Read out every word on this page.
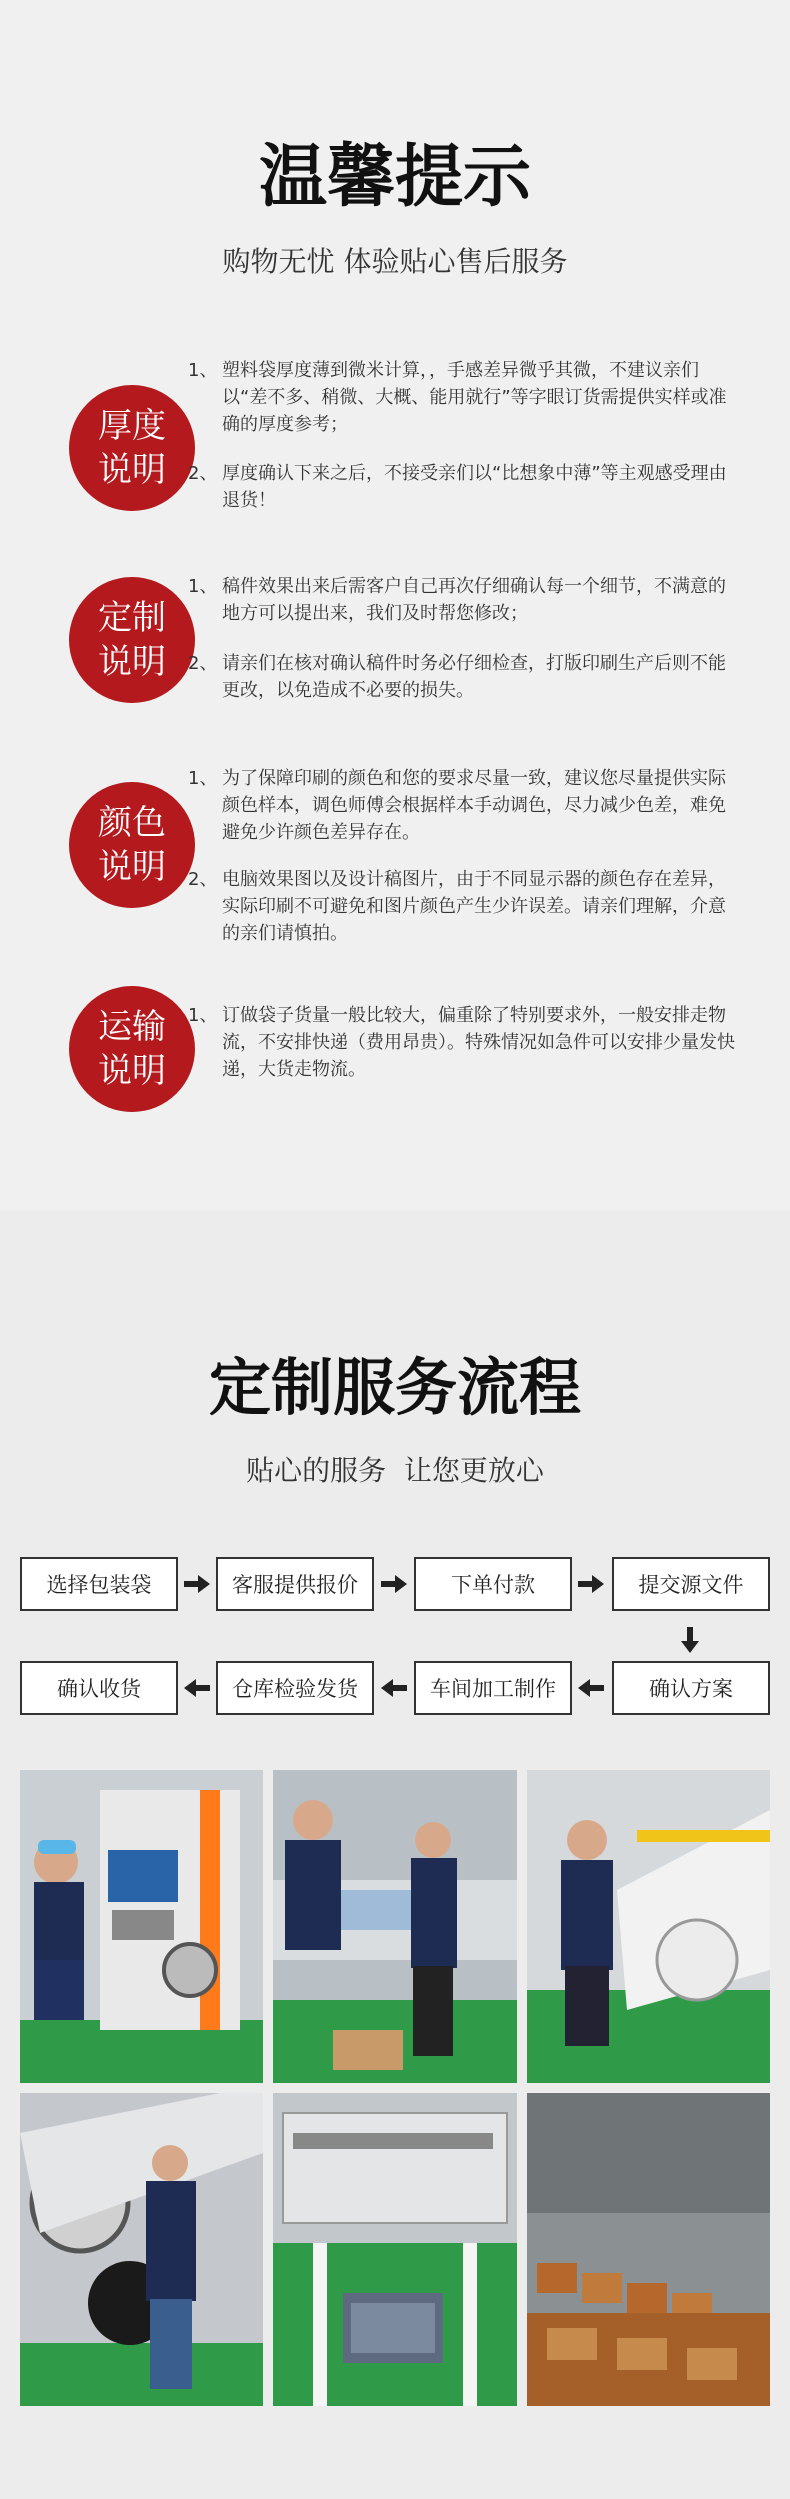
温馨提示
购物无忧 体验贴心售后服务
厚度
说明
1、 塑料袋厚度薄到微米计算，，手感差异微乎其微，不建议亲们以“差不多、稍微、大概、能用就行”等字眼订货需提供实样或准确的厚度参考；
2、 厚度确认下来之后，不接受亲们以“比想象中薄”等主观感受理由退货！
定制
说明
1、 稿件效果出来后需客户自己再次仔细确认每一个细节，不满意的地方可以提出来，我们及时帮您修改；
2、 请亲们在核对确认稿件时务必仔细检查，打版印刷生产后则不能更改，以免造成不必要的损失。
颜色
说明
1、 为了保障印刷的颜色和您的要求尽量一致，建议您尽量提供实际颜色样本，调色师傅会根据样本手动调色，尽力减少色差，难免避免少许颜色差异存在。
2、 电脑效果图以及设计稿图片，由于不同显示器的颜色存在差异，实际印刷不可避免和图片颜色产生少许误差。请亲们理解，介意的亲们请慎拍。
运输
说明
1、 订做袋子货量一般比较大，偏重除了特别要求外，一般安排走物流，不安排快递（费用昂贵）。特殊情况如急件可以安排少量发快递，大货走物流。
定制服务流程
贴心的服务  让您更放心
选择包装袋	客服提供报价	下单付款	提交源文件
确认方案
车间加工制作
仓库检验发货
确认收货
